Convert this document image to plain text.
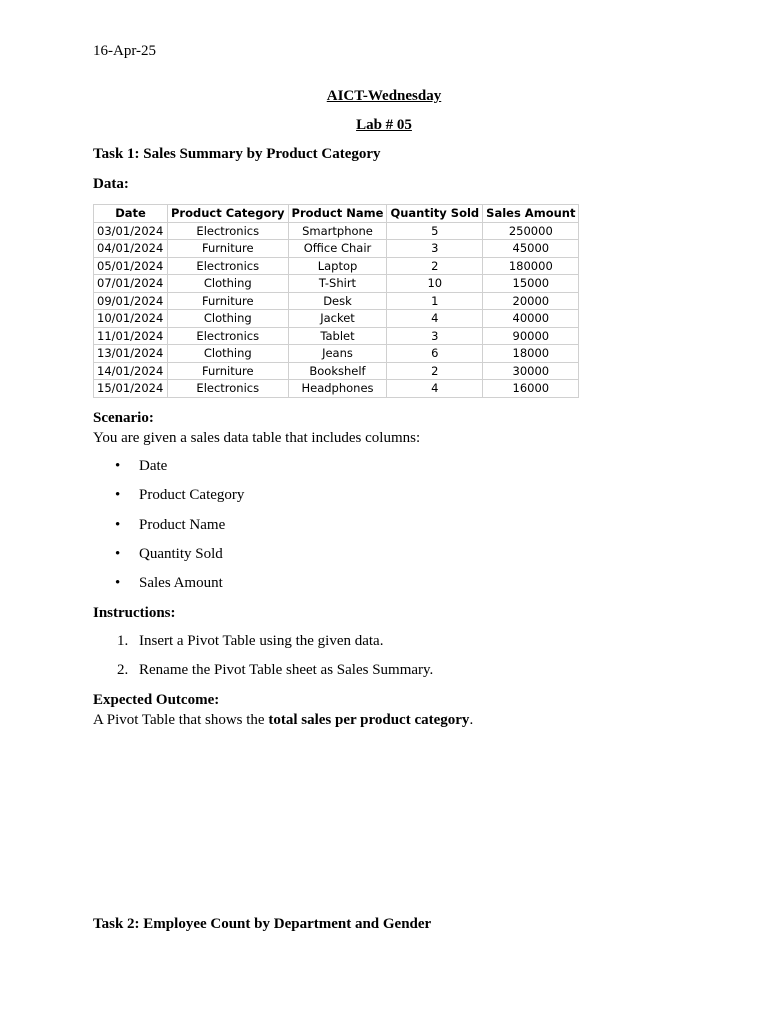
16-Apr-25

AICT-Wednesday

Lab # 05

Task 1: Sales Summary by Product Category

Data:

Date	Product Category	Product Name	Quantity Sold	Sales Amount
03/01/2024	Electronics	Smartphone	5	250000
04/01/2024	Furniture	Office Chair	3	45000
05/01/2024	Electronics	Laptop	2	180000
07/01/2024	Clothing	T-Shirt	10	15000
09/01/2024	Furniture	Desk	1	20000
10/01/2024	Clothing	Jacket	4	40000
11/01/2024	Electronics	Tablet	3	90000
13/01/2024	Clothing	Jeans	6	18000
14/01/2024	Furniture	Bookshelf	2	30000
15/01/2024	Electronics	Headphones	4	16000

Scenario:

You are given a sales data table that includes columns:

• Date
• Product Category
• Product Name
• Quantity Sold
• Sales Amount

Instructions:

1. Insert a Pivot Table using the given data.
2. Rename the Pivot Table sheet as Sales Summary.

Expected Outcome:

A Pivot Table that shows the total sales per product category.

Task 2: Employee Count by Department and Gender
